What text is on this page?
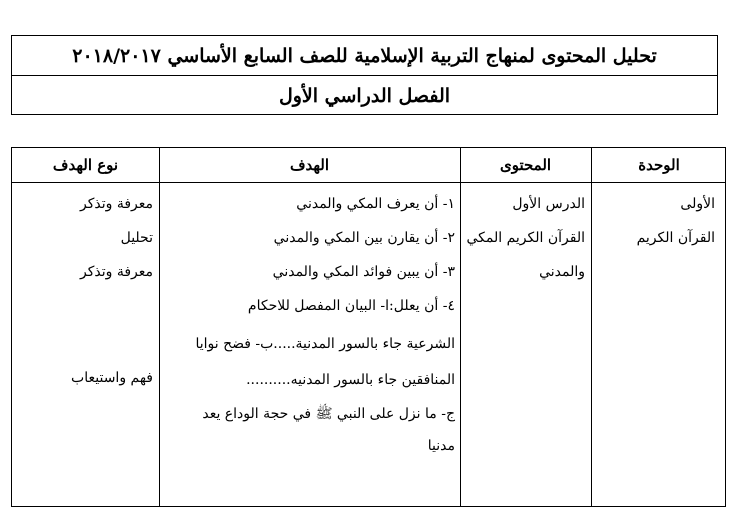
تحليل المحتوى لمنهاج التربية الإسلامية للصف السابع الأساسي ٢٠١٨/٢٠١٧
الفصل الدراسي الأول
الوحدة
المحتوى
الهدف
نوع الهدف
الأولى
القرآن الكريم
الدرس الأول
القرآن الكريم المكي
والمدني
١- أن يعرف المكي والمدني
٢- أن يقارن بين المكي والمدني
٣- أن يبين فوائد المكي والمدني
٤- أن يعلل:ا- البيان المفصل للاحكام
الشرعية جاء بالسور المدنية.....ب- فضح نوايا
المنافقين جاء بالسور المدنيه..........
ج- ما نزل على النبي ﷺ في حجة الوداع يعد
مدنيا
معرفة وتذكر
تحليل
معرفة وتذكر
فهم واستيعاب
